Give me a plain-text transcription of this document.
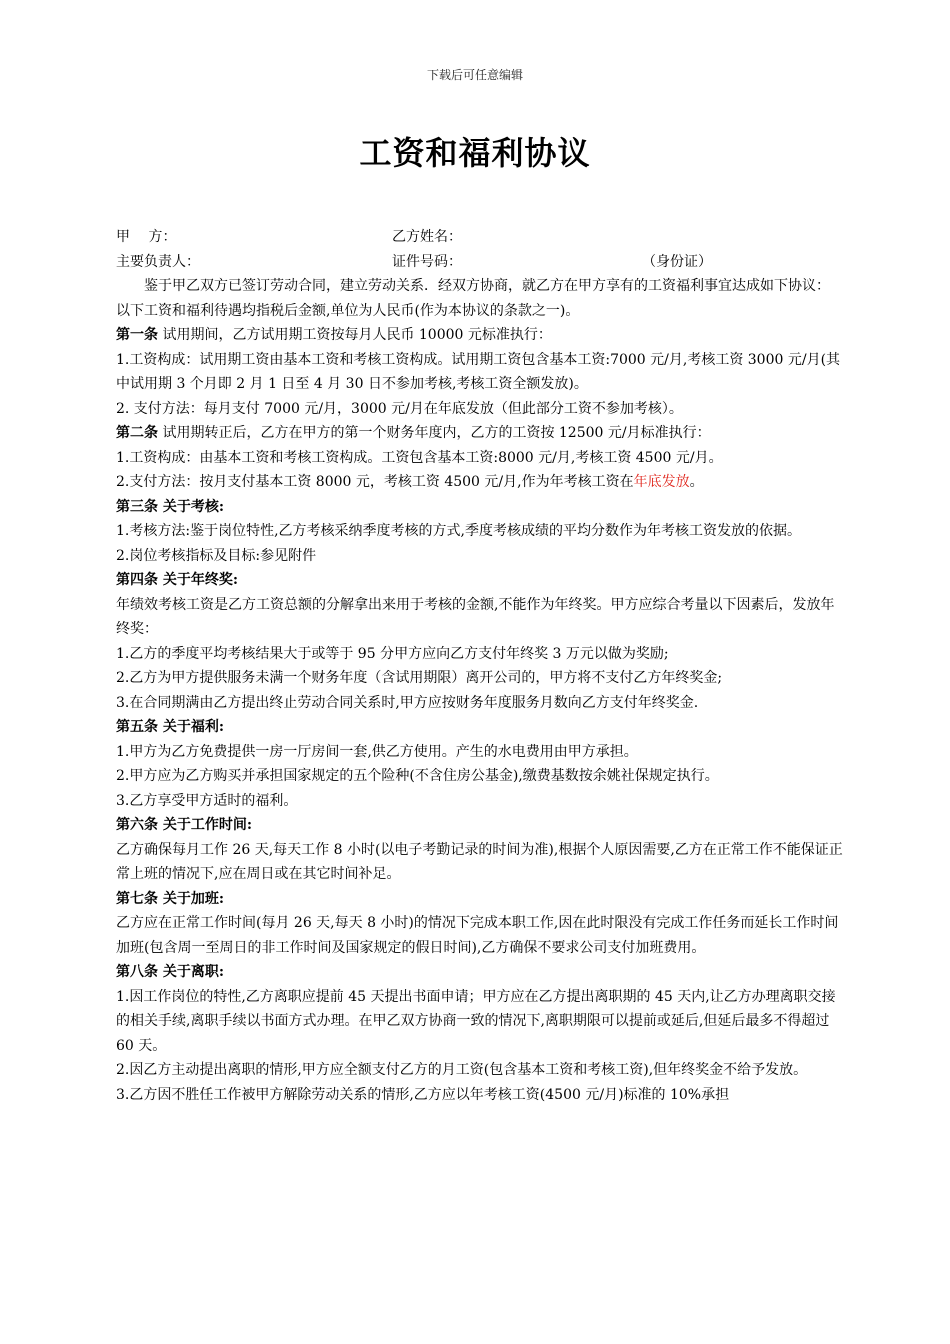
下载后可任意编辑
工资和福利协议
甲　 方：	乙方姓名：
主要负责人：	证件号码：	（身份证）
鉴于甲乙双方已签订劳动合同，建立劳动关系．经双方协商，就乙方在甲方享有的工资福利事宜达成如下协议：
以下工资和福利待遇均指税后金额,单位为人民币(作为本协议的条款之一)。
第一条 试用期间，乙方试用期工资按每月人民币 10000 元标准执行：
1.工资构成：试用期工资由基本工资和考核工资构成。试用期工资包含基本工资:7000 元/月,考核工资 3000 元/月(其中试用期 3 个月即 2 月 1 日至 4 月 30 日不参加考核,考核工资全额发放)。
2. 支付方法：每月支付 7000 元/月，3000 元/月在年底发放（但此部分工资不参加考核）。
第二条 试用期转正后，乙方在甲方的第一个财务年度内，乙方的工资按 12500 元/月标准执行：
1.工资构成：由基本工资和考核工资构成。工资包含基本工资:8000 元/月,考核工资 4500 元/月。
2.支付方法：按月支付基本工资 8000 元，考核工资 4500 元/月,作为年考核工资在年底发放。
第三条 关于考核:
1.考核方法:鉴于岗位特性,乙方考核采纳季度考核的方式,季度考核成绩的平均分数作为年考核工资发放的依据。
2.岗位考核指标及目标:参见附件
第四条 关于年终奖:
年绩效考核工资是乙方工资总额的分解拿出来用于考核的金额,不能作为年终奖。甲方应综合考量以下因素后，发放年终奖：
1.乙方的季度平均考核结果大于或等于 95 分甲方应向乙方支付年终奖 3 万元以做为奖励;
2.乙方为甲方提供服务未满一个财务年度（含试用期限）离开公司的，甲方将不支付乙方年终奖金;
3.在合同期满由乙方提出终止劳动合同关系时,甲方应按财务年度服务月数向乙方支付年终奖金.
第五条 关于福利:
1.甲方为乙方免费提供一房一厅房间一套,供乙方使用。产生的水电费用由甲方承担。
2.甲方应为乙方购买并承担国家规定的五个险种(不含住房公基金),缴费基数按余姚社保规定执行。
3.乙方享受甲方适时的福利。
第六条 关于工作时间:
乙方确保每月工作 26 天,每天工作 8 小时(以电子考勤记录的时间为准),根据个人原因需要,乙方在正常工作不能保证正常上班的情况下,应在周日或在其它时间补足。
第七条 关于加班:
乙方应在正常工作时间(每月 26 天,每天 8 小时)的情况下完成本职工作,因在此时限没有完成工作任务而延长工作时间加班(包含周一至周日的非工作时间及国家规定的假日时间),乙方确保不要求公司支付加班费用。
第八条 关于离职:
1.因工作岗位的特性,乙方离职应提前 45 天提出书面申请；甲方应在乙方提出离职期的 45 天内,让乙方办理离职交接的相关手续,离职手续以书面方式办理。在甲乙双方协商一致的情况下,离职期限可以提前或延后,但延后最多不得超过 60 天。
2.因乙方主动提出离职的情形,甲方应全额支付乙方的月工资(包含基本工资和考核工资),但年终奖金不给予发放。
3.乙方因不胜任工作被甲方解除劳动关系的情形,乙方应以年考核工资(4500 元/月)标准的 10%承担
